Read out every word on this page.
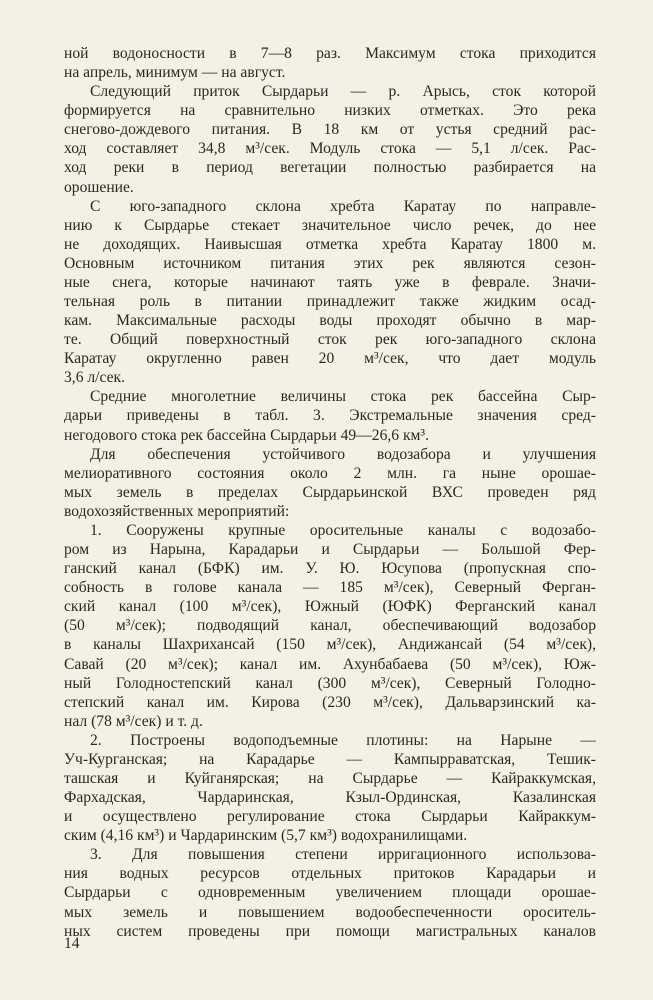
ной водоносности в 7—8 раз. Максимум стока приходится
на апрель, минимум — на август.
Следующий приток Сырдарьи — р. Арысь, сток которой
формируется на сравнительно низких отметках. Это река
снегово-дождевого питания. В 18 км от устья средний рас-
ход составляет 34,8 м³/сек. Модуль стока — 5,1 л/сек. Рас-
ход реки в период вегетации полностью разбирается на
орошение.
С юго-западного склона хребта Каратау по направле-
нию к Сырдарье стекает значительное число речек, до нее
не доходящих. Наивысшая отметка хребта Каратау 1800 м.
Основным источником питания этих рек являются сезон-
ные снега, которые начинают таять уже в феврале. Значи-
тельная роль в питании принадлежит также жидким осад-
кам. Максимальные расходы воды проходят обычно в мар-
те. Общий поверхностный сток рек юго-западного склона
Каратау округленно равен 20 м³/сек, что дает модуль
3,6 л/сек.
Средние многолетние величины стока рек бассейна Сыр-
дарьи приведены в табл. 3. Экстремальные значения сред-
негодового стока рек бассейна Сырдарьи 49—26,6 км³.
Для обеспечения устойчивого водозабора и улучшения
мелиоративного состояния около 2 млн. га ныне орошае-
мых земель в пределах Сырдарьинской ВХС проведен ряд
водохозяйственных мероприятий:
1. Сооружены крупные оросительные каналы с водозабо-
ром из Нарына, Карадарьи и Сырдарьи — Большой Фер-
ганский канал (БФК) им. У. Ю. Юсупова (пропускная спо-
собность в голове канала — 185 м³/сек), Северный Ферган-
ский канал (100 м³/сек), Южный (ЮФК) Ферганский канал
(50 м³/сек); подводящий канал, обеспечивающий водозабор
в каналы Шахрихансай (150 м³/сек), Андижансай (54 м³/сек),
Савай (20 м³/сек); канал им. Ахунбабаева (50 м³/сек), Юж-
ный Голодностепский канал (300 м³/сек), Северный Голодно-
степский канал им. Кирова (230 м³/сек), Дальварзинский ка-
нал (78 м³/сек) и т. д.
2. Построены водоподъемные плотины: на Нарыне —
Уч-Курганская; на Карадарье — Кампырраватская, Тешик-
ташская и Куйганярская; на Сырдарье — Кайраккумская,
Фархадская, Чардаринская, Кзыл-Ординская, Казалинская
и осуществлено регулирование стока Сырдарьи Кайраккум-
ским (4,16 км³) и Чардаринским (5,7 км³) водохранилищами.
3. Для повышения степени ирригационного использова-
ния водных ресурсов отдельных притоков Карадарьи и
Сырдарьи с одновременным увеличением площади орошае-
мых земель и повышением водообеспеченности ороситель-
ных систем проведены при помощи магистральных каналов
14
